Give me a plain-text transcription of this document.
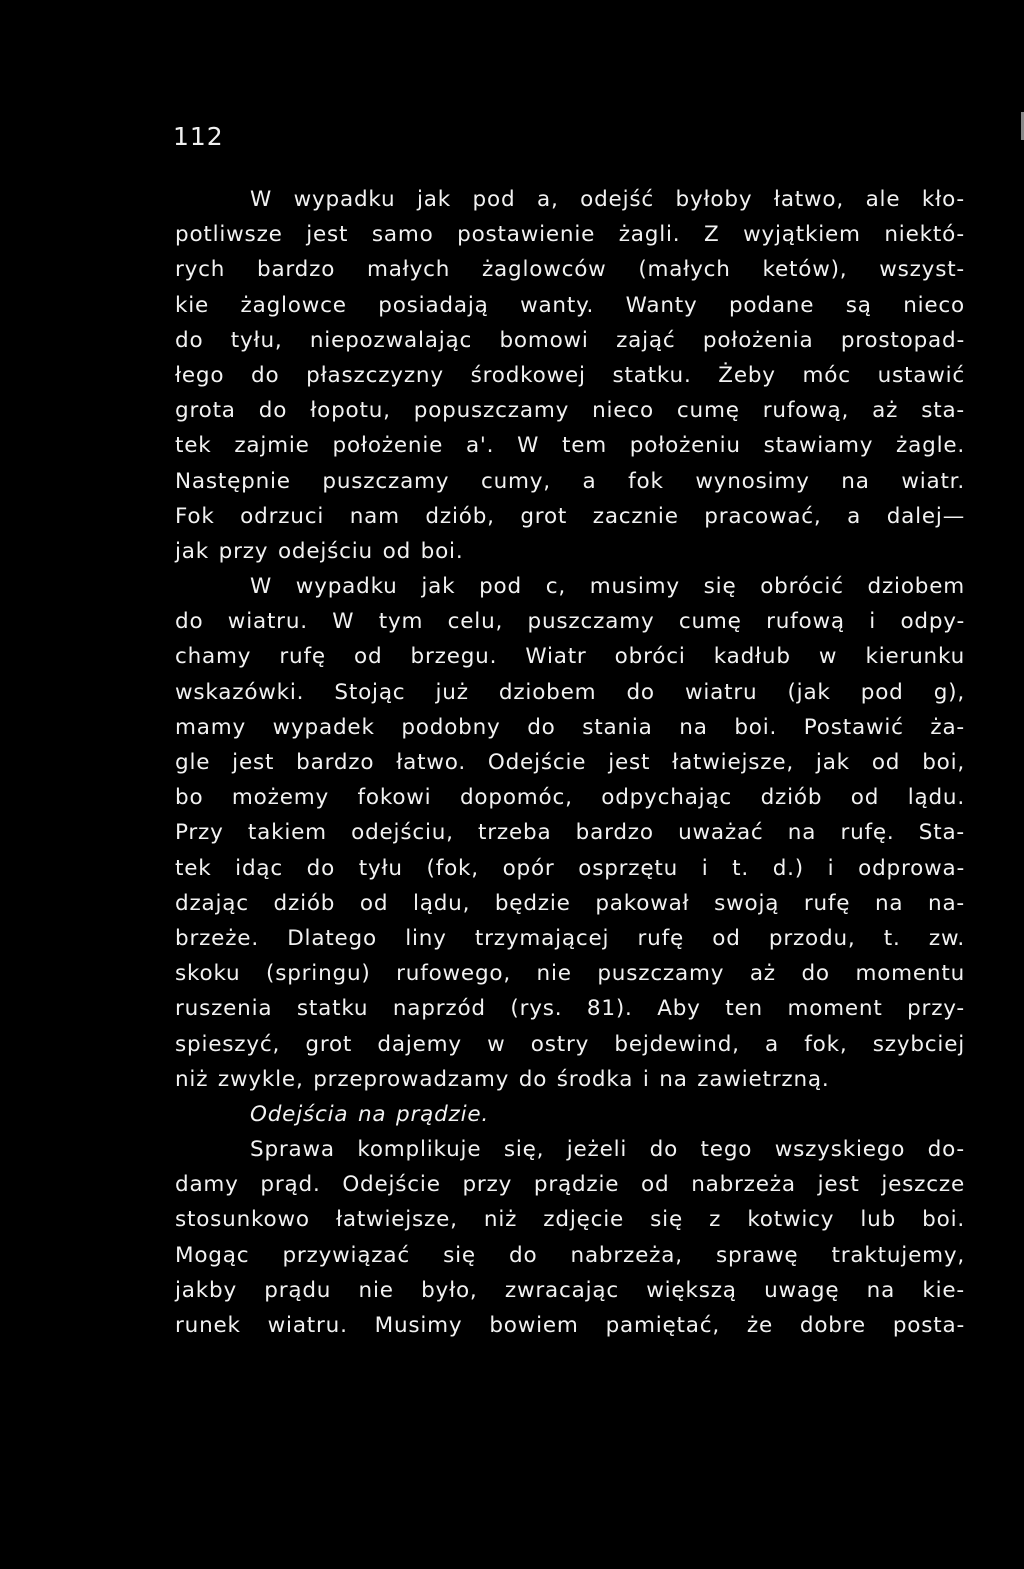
112
W wypadku jak pod a, odejść byłoby łatwo, ale kło-
potliwsze jest samo postawienie żagli. Z wyjątkiem niektó-
rych bardzo małych żaglowców (małych ketów), wszyst-
kie żaglowce posiadają wanty. Wanty podane są nieco
do tyłu, niepozwalając bomowi zająć położenia prostopad-
łego do płaszczyzny środkowej statku. Żeby móc ustawić
grota do łopotu, popuszczamy nieco cumę rufową, aż sta-
tek zajmie położenie a'. W tem położeniu stawiamy żagle.
Następnie puszczamy cumy, a fok wynosimy na wiatr.
Fok odrzuci nam dziób, grot zacznie pracować, a dalej—
jak przy odejściu od boi.
W wypadku jak pod c, musimy się obrócić dziobem
do wiatru. W tym celu, puszczamy cumę rufową i odpy-
chamy rufę od brzegu. Wiatr obróci kadłub w kierunku
wskazówki. Stojąc już dziobem do wiatru (jak pod g),
mamy wypadek podobny do stania na boi. Postawić ża-
gle jest bardzo łatwo. Odejście jest łatwiejsze, jak od boi,
bo możemy fokowi dopomóc, odpychając dziób od lądu.
Przy takiem odejściu, trzeba bardzo uważać na rufę. Sta-
tek idąc do tyłu (fok, opór osprzętu i t. d.) i odprowa-
dzając dziób od lądu, będzie pakował swoją rufę na na-
brzeże. Dlatego liny trzymającej rufę od przodu, t. zw.
skoku (springu) rufowego, nie puszczamy aż do momentu
ruszenia statku naprzód (rys. 81). Aby ten moment przy-
spieszyć, grot dajemy w ostry bejdewind, a fok, szybciej
niż zwykle, przeprowadzamy do środka i na zawietrzną.
Odejścia na prądzie.
Sprawa komplikuje się, jeżeli do tego wszyskiego do-
damy prąd. Odejście przy prądzie od nabrzeża jest jeszcze
stosunkowo łatwiejsze, niż zdjęcie się z kotwicy lub boi.
Mogąc przywiązać się do nabrzeża, sprawę traktujemy,
jakby prądu nie było, zwracając większą uwagę na kie-
runek wiatru. Musimy bowiem pamiętać, że dobre posta-
